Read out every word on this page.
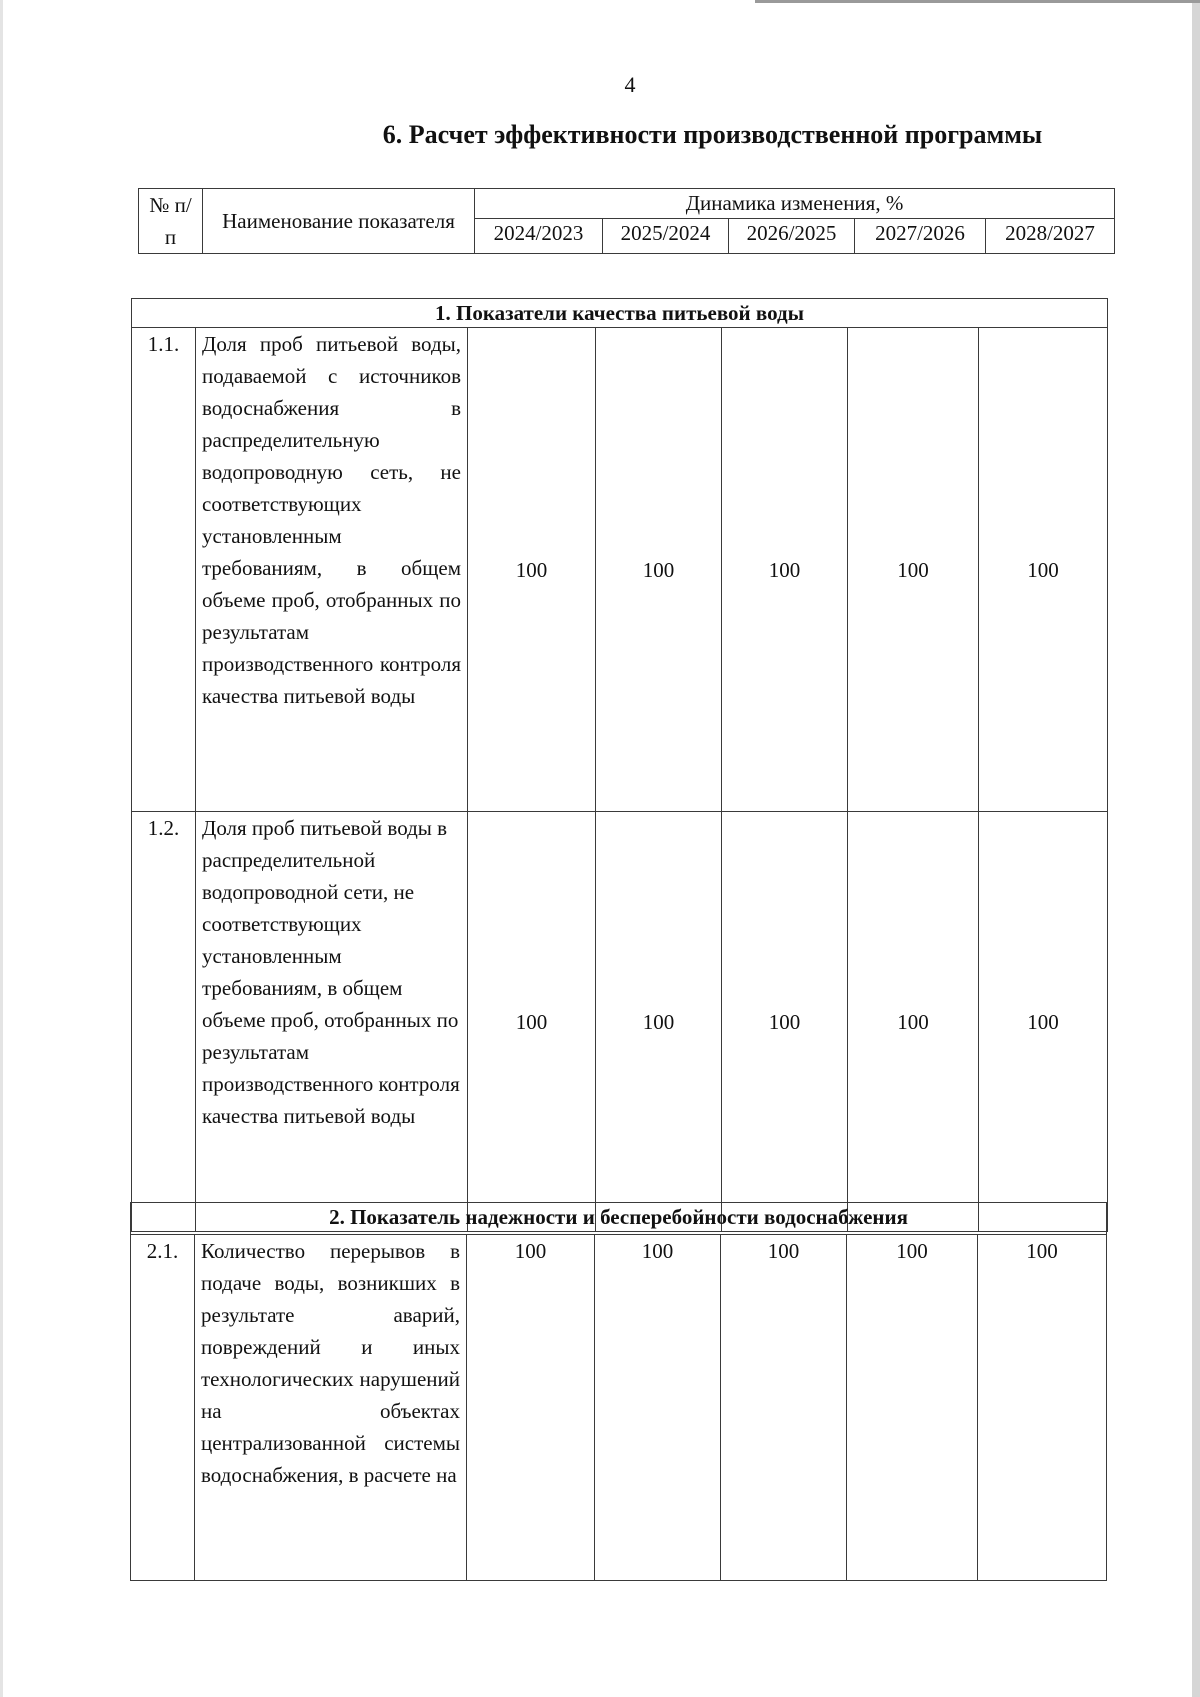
4
6. Расчет эффективности производственной программы
№ п/п	Наименование показателя	Динамика изменения, %				
		2024/2023	2025/2024	2026/2025	2027/2026	2028/2027
1. Показатели качества питьевой воды						
1.1.	Доля проб питьевой воды, подаваемой с источников водоснабжения в распределительную водопроводную сеть, не соответствующих установленным требованиям, в общем объеме проб, отобранных по результатам производственного контроля качества питьевой воды	100	100	100	100	100
1.2.	Доля проб питьевой воды в распределительной водопроводной сети, не соответствующих установленным требованиям, в общем объеме проб, отобранных по результатам производственного контроля качества питьевой воды	100	100	100	100	100
2. Показатель надежности и бесперебойности водоснабжения
2.1.	Количество перерывов в подаче воды, возникших в результате аварий, повреждений и иных технологических нарушений на объектах централизованной системы водоснабжения, в расчете на	100	100	100	100	100
